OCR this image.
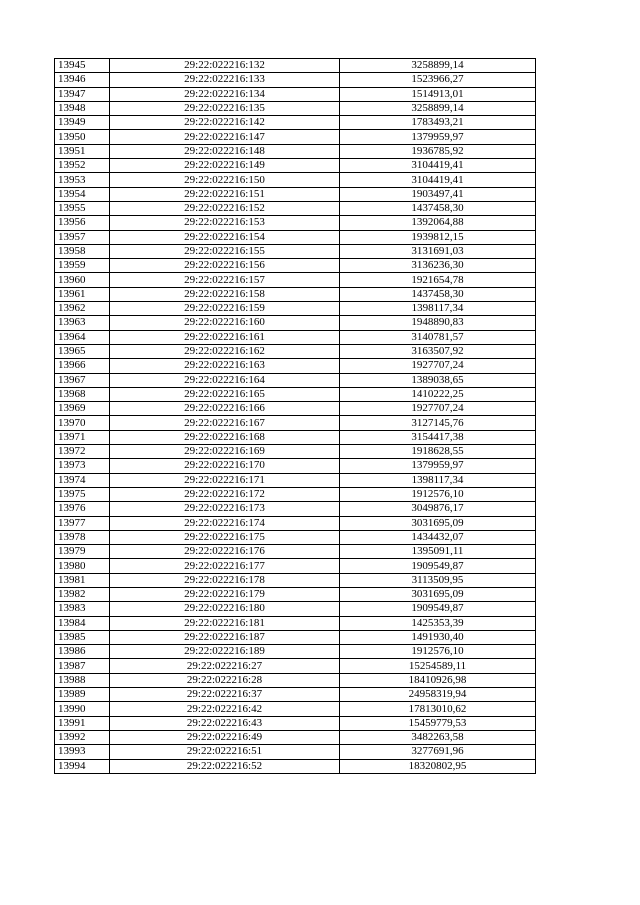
13945	29:22:022216:132	3258899,14
13946	29:22:022216:133	1523966,27
13947	29:22:022216:134	1514913,01
13948	29:22:022216:135	3258899,14
13949	29:22:022216:142	1783493,21
13950	29:22:022216:147	1379959,97
13951	29:22:022216:148	1936785,92
13952	29:22:022216:149	3104419,41
13953	29:22:022216:150	3104419,41
13954	29:22:022216:151	1903497,41
13955	29:22:022216:152	1437458,30
13956	29:22:022216:153	1392064,88
13957	29:22:022216:154	1939812,15
13958	29:22:022216:155	3131691,03
13959	29:22:022216:156	3136236,30
13960	29:22:022216:157	1921654,78
13961	29:22:022216:158	1437458,30
13962	29:22:022216:159	1398117,34
13963	29:22:022216:160	1948890,83
13964	29:22:022216:161	3140781,57
13965	29:22:022216:162	3163507,92
13966	29:22:022216:163	1927707,24
13967	29:22:022216:164	1389038,65
13968	29:22:022216:165	1410222,25
13969	29:22:022216:166	1927707,24
13970	29:22:022216:167	3127145,76
13971	29:22:022216:168	3154417,38
13972	29:22:022216:169	1918628,55
13973	29:22:022216:170	1379959,97
13974	29:22:022216:171	1398117,34
13975	29:22:022216:172	1912576,10
13976	29:22:022216:173	3049876,17
13977	29:22:022216:174	3031695,09
13978	29:22:022216:175	1434432,07
13979	29:22:022216:176	1395091,11
13980	29:22:022216:177	1909549,87
13981	29:22:022216:178	3113509,95
13982	29:22:022216:179	3031695,09
13983	29:22:022216:180	1909549,87
13984	29:22:022216:181	1425353,39
13985	29:22:022216:187	1491930,40
13986	29:22:022216:189	1912576,10
13987	29:22:022216:27	15254589,11
13988	29:22:022216:28	18410926,98
13989	29:22:022216:37	24958319,94
13990	29:22:022216:42	17813010,62
13991	29:22:022216:43	15459779,53
13992	29:22:022216:49	3482263,58
13993	29:22:022216:51	3277691,96
13994	29:22:022216:52	18320802,95
